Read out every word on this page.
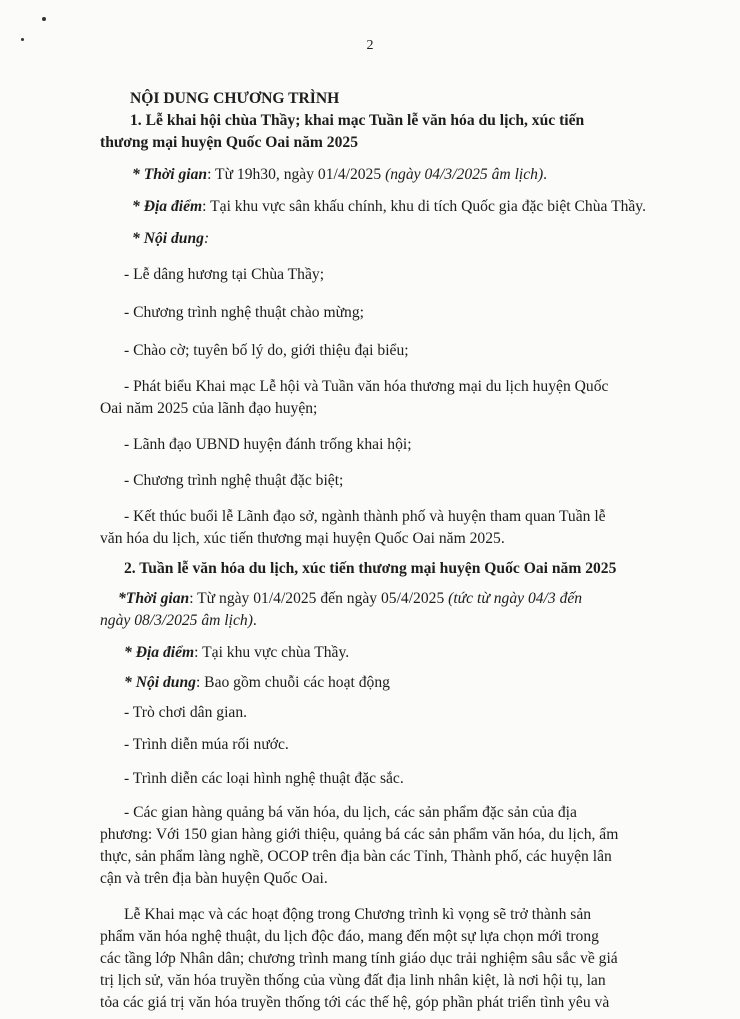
2

NỘI DUNG CHƯƠNG TRÌNH

1. Lễ khai hội chùa Thầy; khai mạc Tuần lễ văn hóa du lịch, xúc tiến

thương mại huyện Quốc Oai năm 2025

* Thời gian: Từ 19h30, ngày 01/4/2025 (ngày 04/3/2025 âm lịch).

* Địa điểm: Tại khu vực sân khấu chính, khu di tích Quốc gia đặc biệt Chùa Thầy.

* Nội dung:

- Lễ dâng hương tại Chùa Thầy;

- Chương trình nghệ thuật chào mừng;

- Chào cờ; tuyên bố lý do, giới thiệu đại biểu;

- Phát biểu Khai mạc Lễ hội và Tuần văn hóa thương mại du lịch huyện Quốc

Oai năm 2025 của lãnh đạo huyện;

- Lãnh đạo UBND huyện đánh trống khai hội;

- Chương trình nghệ thuật đặc biệt;

- Kết thúc buổi lễ Lãnh đạo sở, ngành thành phố và huyện tham quan Tuần lễ

văn hóa du lịch, xúc tiến thương mại huyện Quốc Oai năm 2025.

2. Tuần lễ văn hóa du lịch, xúc tiến thương mại huyện Quốc Oai năm 2025

*Thời gian: Từ ngày 01/4/2025 đến ngày 05/4/2025 (tức từ ngày 04/3 đến

ngày 08/3/2025 âm lịch).

* Địa điểm: Tại khu vực chùa Thầy.

* Nội dung: Bao gồm chuỗi các hoạt động

- Trò chơi dân gian.

- Trình diễn múa rối nước.

- Trình diễn các loại hình nghệ thuật đặc sắc.

- Các gian hàng quảng bá văn hóa, du lịch, các sản phẩm đặc sản của địa

phương: Với 150 gian hàng giới thiệu, quảng bá các sản phẩm văn hóa, du lịch, ẩm

thực, sản phẩm làng nghề, OCOP trên địa bàn các Tỉnh, Thành phố, các huyện lân

cận và trên địa bàn huyện Quốc Oai.

Lễ Khai mạc và các hoạt động trong Chương trình kì vọng sẽ trở thành sản

phẩm văn hóa nghệ thuật, du lịch độc đáo, mang đến một sự lựa chọn mới trong

các tầng lớp Nhân dân; chương trình mang tính giáo dục trải nghiệm sâu sắc về giá

trị lịch sử, văn hóa truyền thống của vùng đất địa linh nhân kiệt, là nơi hội tụ, lan

tỏa các giá trị văn hóa truyền thống tới các thế hệ, góp phần phát triển tình yêu và
